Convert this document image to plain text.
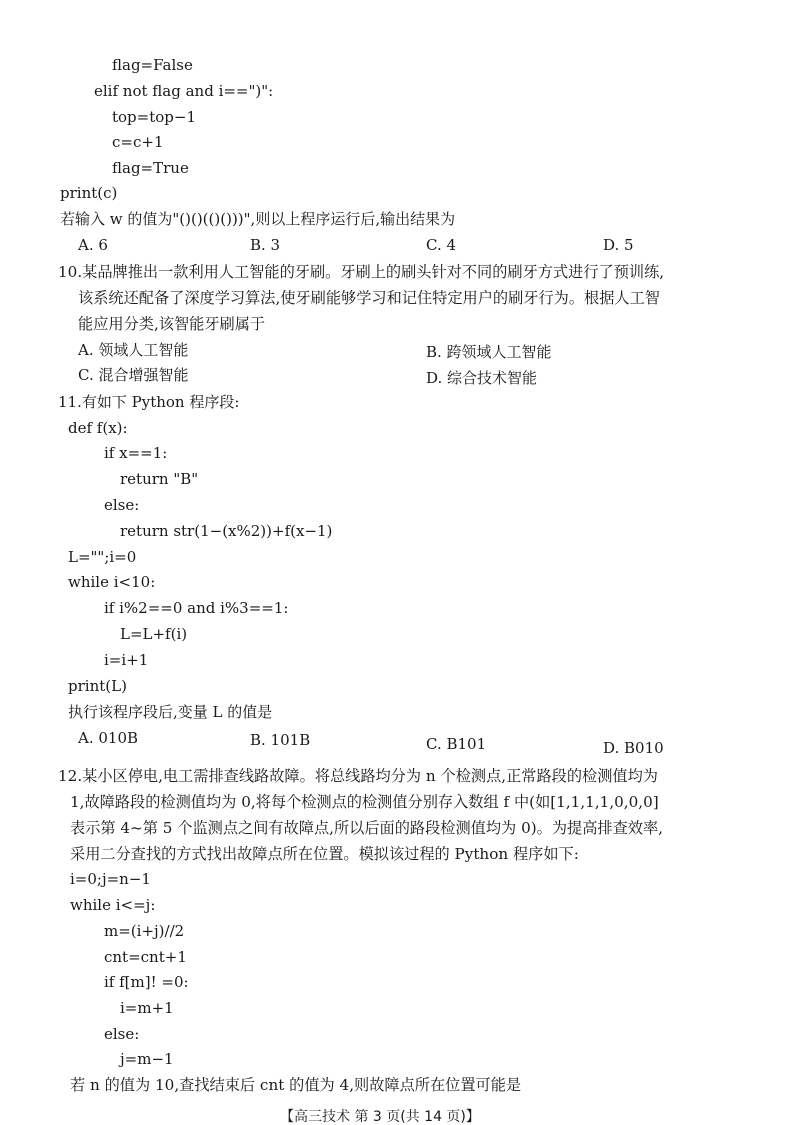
flag=False
elif not flag and i==")":
top=top−1
c=c+1
flag=True
print(c)
若输入 w 的值为"()()(()()))",则以上程序运行后,输出结果为
A. 6	B. 3	C. 4	D. 5
10.某品牌推出一款利用人工智能的牙刷。牙刷上的刷头针对不同的刷牙方式进行了预训练,
该系统还配备了深度学习算法,使牙刷能够学习和记住特定用户的刷牙行为。根据人工智
能应用分类,该智能牙刷属于
A. 领域人工智能	B. 跨领域人工智能
C. 混合增强智能	D. 综合技术智能
11.有如下 Python 程序段:
def f(x):
if x==1:
return "B"
else:
return str(1−(x%2))+f(x−1)
L="";i=0
while i<10:
if i%2==0 and i%3==1:
L=L+f(i)
i=i+1
print(L)
执行该程序段后,变量 L 的值是
A. 010B	B. 101B	C. B101	D. B010
12.某小区停电,电工需排查线路故障。将总线路均分为 n 个检测点,正常路段的检测值均为
1,故障路段的检测值均为 0,将每个检测点的检测值分别存入数组 f 中(如[1,1,1,1,0,0,0]
表示第 4~第 5 个监测点之间有故障点,所以后面的路段检测值均为 0)。为提高排查效率,
采用二分查找的方式找出故障点所在位置。模拟该过程的 Python 程序如下:
i=0;j=n−1
while i<=j:
m=(i+j)//2
cnt=cnt+1
if f[m]! =0:
i=m+1
else:
j=m−1
若 n 的值为 10,查找结束后 cnt 的值为 4,则故障点所在位置可能是
【高三技术 第 3 页(共 14 页)】
